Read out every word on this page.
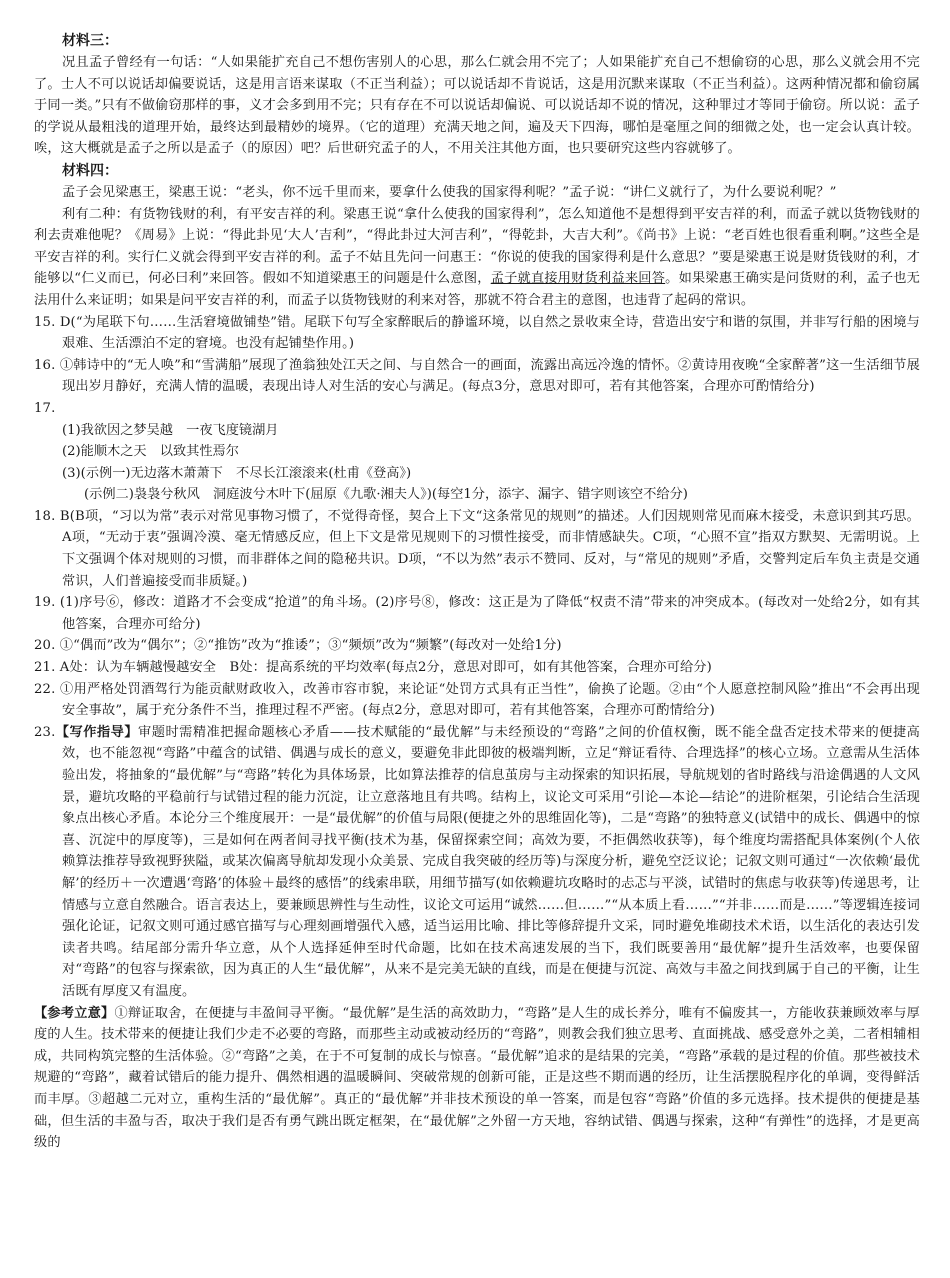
材料三：

况且孟子曾经有一句话：“人如果能扩充自己不想伤害别人的心思，那么仁就会用不完了；人如果能扩充自己不想偷窃的心思，那么义就会用不完了。士人不可以说话却偏要说话，这是用言语来谋取（不正当利益）；可以说话却不肯说话，这是用沉默来谋取（不正当利益）。这两种情况都和偷窃属于同一类。”只有不做偷窃那样的事，义才会多到用不完；只有存在不可以说话却偏说、可以说话却不说的情况，这种罪过才等同于偷窃。所以说：孟子的学说从最粗浅的道理开始，最终达到最精妙的境界。（它的道理）充满天地之间，遍及天下四海，哪怕是毫厘之间的细微之处，也一定会认真计较。唉，这大概就是孟子之所以是孟子（的原因）吧？后世研究孟子的人，不用关注其他方面，也只要研究这些内容就够了。

材料四：

孟子会见梁惠王，梁惠王说：“老头，你不远千里而来，要拿什么使我的国家得利呢？”孟子说：“讲仁义就行了，为什么要说利呢？”

利有二种：有货物钱财的利，有平安吉祥的利。梁惠王说“拿什么使我的国家得利”，怎么知道他不是想得到平安吉祥的利，而孟子就以货物钱财的利去责难他呢？《周易》上说：“得此卦见‘大人’吉利”，“得此卦过大河吉利”，“得乾卦，大吉大利”。《尚书》上说：“老百姓也很看重利啊。”这些全是平安吉祥的利。实行仁义就会得到平安吉祥的利。孟子不姑且先问一问惠王：“你说的使我的国家得利是什么意思？”要是梁惠王说是财货钱财的利，才能够以“仁义而已，何必曰利”来回答。假如不知道梁惠王的问题是什么意图，孟子就直接用财货利益来回答。如果梁惠王确实是问货财的利，孟子也无法用什么来证明；如果是问平安吉祥的利，而孟子以货物钱财的利来对答，那就不符合君主的意图，也违背了起码的常识。

15. D(“为尾联下句……生活窘境做铺垫”错。尾联下句写全家醉眠后的静谧环境，以自然之景收束全诗，营造出安宁和谐的氛围，并非写行船的困境与艰难、生活漂泊不定的窘境。也没有起铺垫作用。)

16. ①韩诗中的“无人唤”和“雪满船”展现了渔翁独处江天之间、与自然合一的画面，流露出高远冷逸的情怀。②黄诗用夜晚“全家醉著”这一生活细节展现出岁月静好，充满人情的温暖，表现出诗人对生活的安心与满足。(每点3分，意思对即可，若有其他答案，合理亦可酌情给分)

17.

(1)我欲因之梦吴越　一夜飞度镜湖月

(2)能顺木之天　以致其性焉尔

(3)(示例一)无边落木萧萧下　不尽长江滚滚来(杜甫《登高》)

(示例二)袅袅兮秋风　洞庭波兮木叶下(屈原《九歌·湘夫人》)(每空1分，添字、漏字、错字则该空不给分)

18. B(B项，“习以为常”表示对常见事物习惯了，不觉得奇怪，契合上下文“这条常见的规则”的描述。人们因规则常见而麻木接受，未意识到其巧思。A项，“无动于衷”强调冷漠、毫无情感反应，但上下文是常见规则下的习惯性接受，而非情感缺失。C项，“心照不宣”指双方默契、无需明说。上下文强调个体对规则的习惯，而非群体之间的隐秘共识。D项，“不以为然”表示不赞同、反对，与“常见的规则”矛盾，交警判定后车负主责是交通常识，人们普遍接受而非质疑。)

19. (1)序号⑥，修改：道路才不会变成“抢道”的角斗场。(2)序号⑧，修改：这正是为了降低“权责不清”带来的冲突成本。(每改对一处给2分，如有其他答案，合理亦可给分)

20. ①“偶而”改为“偶尔”；②“推饬”改为“推诿”；③“频烦”改为“频繁”(每改对一处给1分)

21. A处：认为车辆越慢越安全　B处：提高系统的平均效率(每点2分，意思对即可，如有其他答案，合理亦可给分)

22. ①用严格处罚酒驾行为能贡献财政收入，改善市容市貌，来论证“处罚方式具有正当性”，偷换了论题。②由“个人愿意控制风险”推出“不会再出现安全事故”，属于充分条件不当，推理过程不严密。(每点2分，意思对即可，若有其他答案，合理亦可酌情给分)

23.【写作指导】审题时需精准把握命题核心矛盾——技术赋能的“最优解”与未经预设的“弯路”之间的价值权衡，既不能全盘否定技术带来的便捷高效，也不能忽视“弯路”中蕴含的试错、偶遇与成长的意义，要避免非此即彼的极端判断，立足“辩证看待、合理选择”的核心立场。立意需从生活体验出发，将抽象的“最优解”与“弯路”转化为具体场景，比如算法推荐的信息茧房与主动探索的知识拓展，导航规划的省时路线与沿途偶遇的人文风景，避坑攻略的平稳前行与试错过程的能力沉淀，让立意落地且有共鸣。结构上，议论文可采用“引论—本论—结论”的进阶框架，引论结合生活现象点出核心矛盾。本论分三个维度展开：一是“最优解”的价值与局限(便捷之外的思维固化等)，二是“弯路”的独特意义(试错中的成长、偶遇中的惊喜、沉淀中的厚度等)，三是如何在两者间寻找平衡(技术为基，保留探索空间；高效为要，不拒偶然收获等)，每个维度均需搭配具体案例(个人依赖算法推荐导致视野狭隘，或某次偏离导航却发现小众美景、完成自我突破的经历等)与深度分析，避免空泛议论；记叙文则可通过“一次依赖‘最优解’的经历＋一次遭遇‘弯路’的体验＋最终的感悟”的线索串联，用细节描写(如依赖避坑攻略时的忐忑与平淡，试错时的焦虑与收获等)传递思考，让情感与立意自然融合。语言表达上，要兼顾思辨性与生动性，议论文可运用“诚然……但……”“从本质上看……”“并非……而是……”等逻辑连接词强化论证，记叙文则可通过感官描写与心理刻画增强代入感，适当运用比喻、排比等修辞提升文采，同时避免堆砌技术术语，以生活化的表达引发读者共鸣。结尾部分需升华立意，从个人选择延伸至时代命题，比如在技术高速发展的当下，我们既要善用“最优解”提升生活效率，也要保留对“弯路”的包容与探索欲，因为真正的人生“最优解”，从来不是完美无缺的直线，而是在便捷与沉淀、高效与丰盈之间找到属于自己的平衡，让生活既有厚度又有温度。

【参考立意】①辩证取舍，在便捷与丰盈间寻平衡。“最优解”是生活的高效助力，“弯路”是人生的成长养分，唯有不偏废其一，方能收获兼顾效率与厚度的人生。技术带来的便捷让我们少走不必要的弯路，而那些主动或被动经历的“弯路”，则教会我们独立思考、直面挑战、感受意外之美，二者相辅相成，共同构筑完整的生活体验。②“弯路”之美，在于不可复制的成长与惊喜。“最优解”追求的是结果的完美，“弯路”承载的是过程的价值。那些被技术规避的“弯路”，藏着试错后的能力提升、偶然相遇的温暖瞬间、突破常规的创新可能，正是这些不期而遇的经历，让生活摆脱程序化的单调，变得鲜活而丰厚。③超越二元对立，重构生活的“最优解”。真正的“最优解”并非技术预设的单一答案，而是包容“弯路”价值的多元选择。技术提供的便捷是基础，但生活的丰盈与否，取决于我们是否有勇气跳出既定框架，在“最优解”之外留一方天地，容纳试错、偶遇与探索，这种“有弹性”的选择，才是更高级的
